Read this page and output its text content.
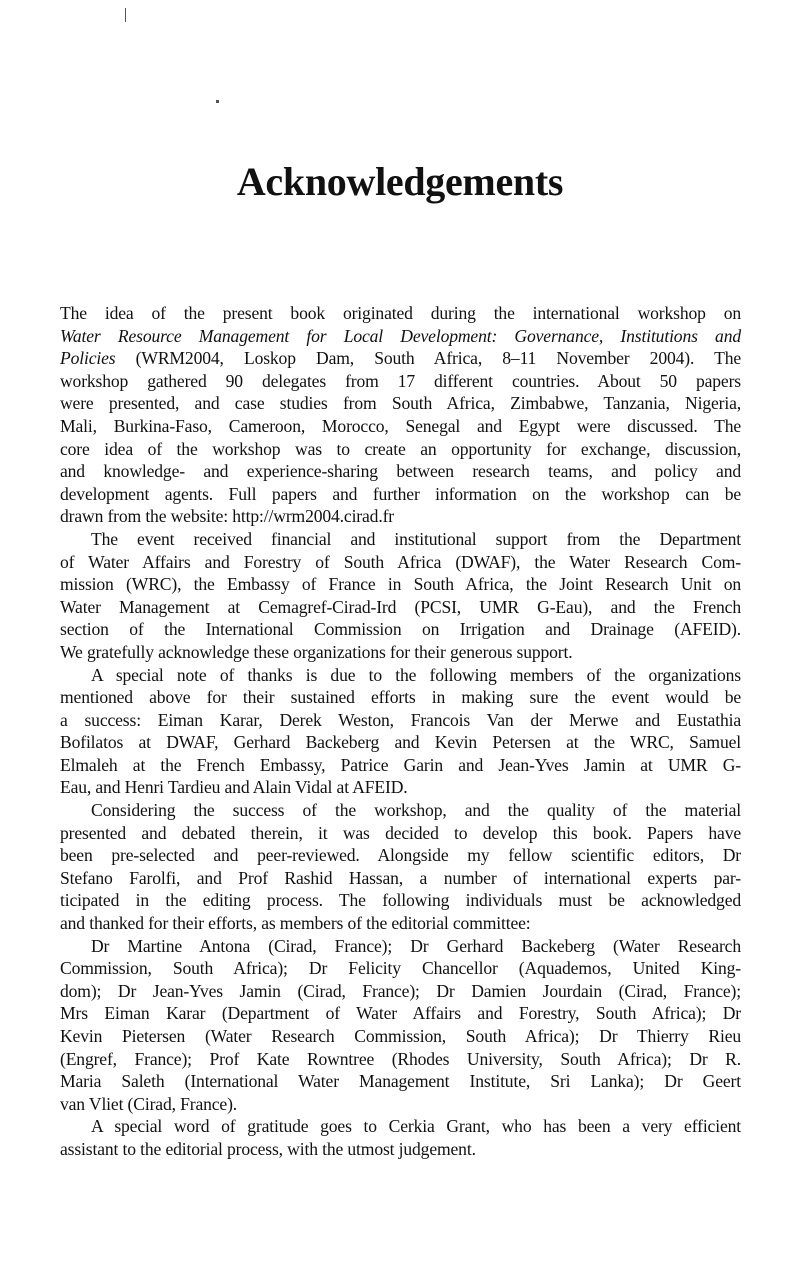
Acknowledgements
The idea of the present book originated during the international workshop on
Water Resource Management for Local Development: Governance, Institutions and
Policies (WRM2004, Loskop Dam, South Africa, 8–11 November 2004). The
workshop gathered 90 delegates from 17 different countries. About 50 papers
were presented, and case studies from South Africa, Zimbabwe, Tanzania, Nigeria,
Mali, Burkina-Faso, Cameroon, Morocco, Senegal and Egypt were discussed. The
core idea of the workshop was to create an opportunity for exchange, discussion,
and knowledge- and experience-sharing between research teams, and policy and
development agents. Full papers and further information on the workshop can be
drawn from the website: http://wrm2004.cirad.fr
The event received financial and institutional support from the Department
of Water Affairs and Forestry of South Africa (DWAF), the Water Research Com-
mission (WRC), the Embassy of France in South Africa, the Joint Research Unit on
Water Management at Cemagref-Cirad-Ird (PCSI, UMR G-Eau), and the French
section of the International Commission on Irrigation and Drainage (AFEID).
We gratefully acknowledge these organizations for their generous support.
A special note of thanks is due to the following members of the organizations
mentioned above for their sustained efforts in making sure the event would be
a success: Eiman Karar, Derek Weston, Francois Van der Merwe and Eustathia
Bofilatos at DWAF, Gerhard Backeberg and Kevin Petersen at the WRC, Samuel
Elmaleh at the French Embassy, Patrice Garin and Jean-Yves Jamin at UMR G-
Eau, and Henri Tardieu and Alain Vidal at AFEID.
Considering the success of the workshop, and the quality of the material
presented and debated therein, it was decided to develop this book. Papers have
been pre-selected and peer-reviewed. Alongside my fellow scientific editors, Dr
Stefano Farolfi, and Prof Rashid Hassan, a number of international experts par-
ticipated in the editing process. The following individuals must be acknowledged
and thanked for their efforts, as members of the editorial committee:
Dr Martine Antona (Cirad, France); Dr Gerhard Backeberg (Water Research
Commission, South Africa); Dr Felicity Chancellor (Aquademos, United King-
dom); Dr Jean-Yves Jamin (Cirad, France); Dr Damien Jourdain (Cirad, France);
Mrs Eiman Karar (Department of Water Affairs and Forestry, South Africa); Dr
Kevin Pietersen (Water Research Commission, South Africa); Dr Thierry Rieu
(Engref, France); Prof Kate Rowntree (Rhodes University, South Africa); Dr R.
Maria Saleth (International Water Management Institute, Sri Lanka); Dr Geert
van Vliet (Cirad, France).
A special word of gratitude goes to Cerkia Grant, who has been a very efficient
assistant to the editorial process, with the utmost judgement.
